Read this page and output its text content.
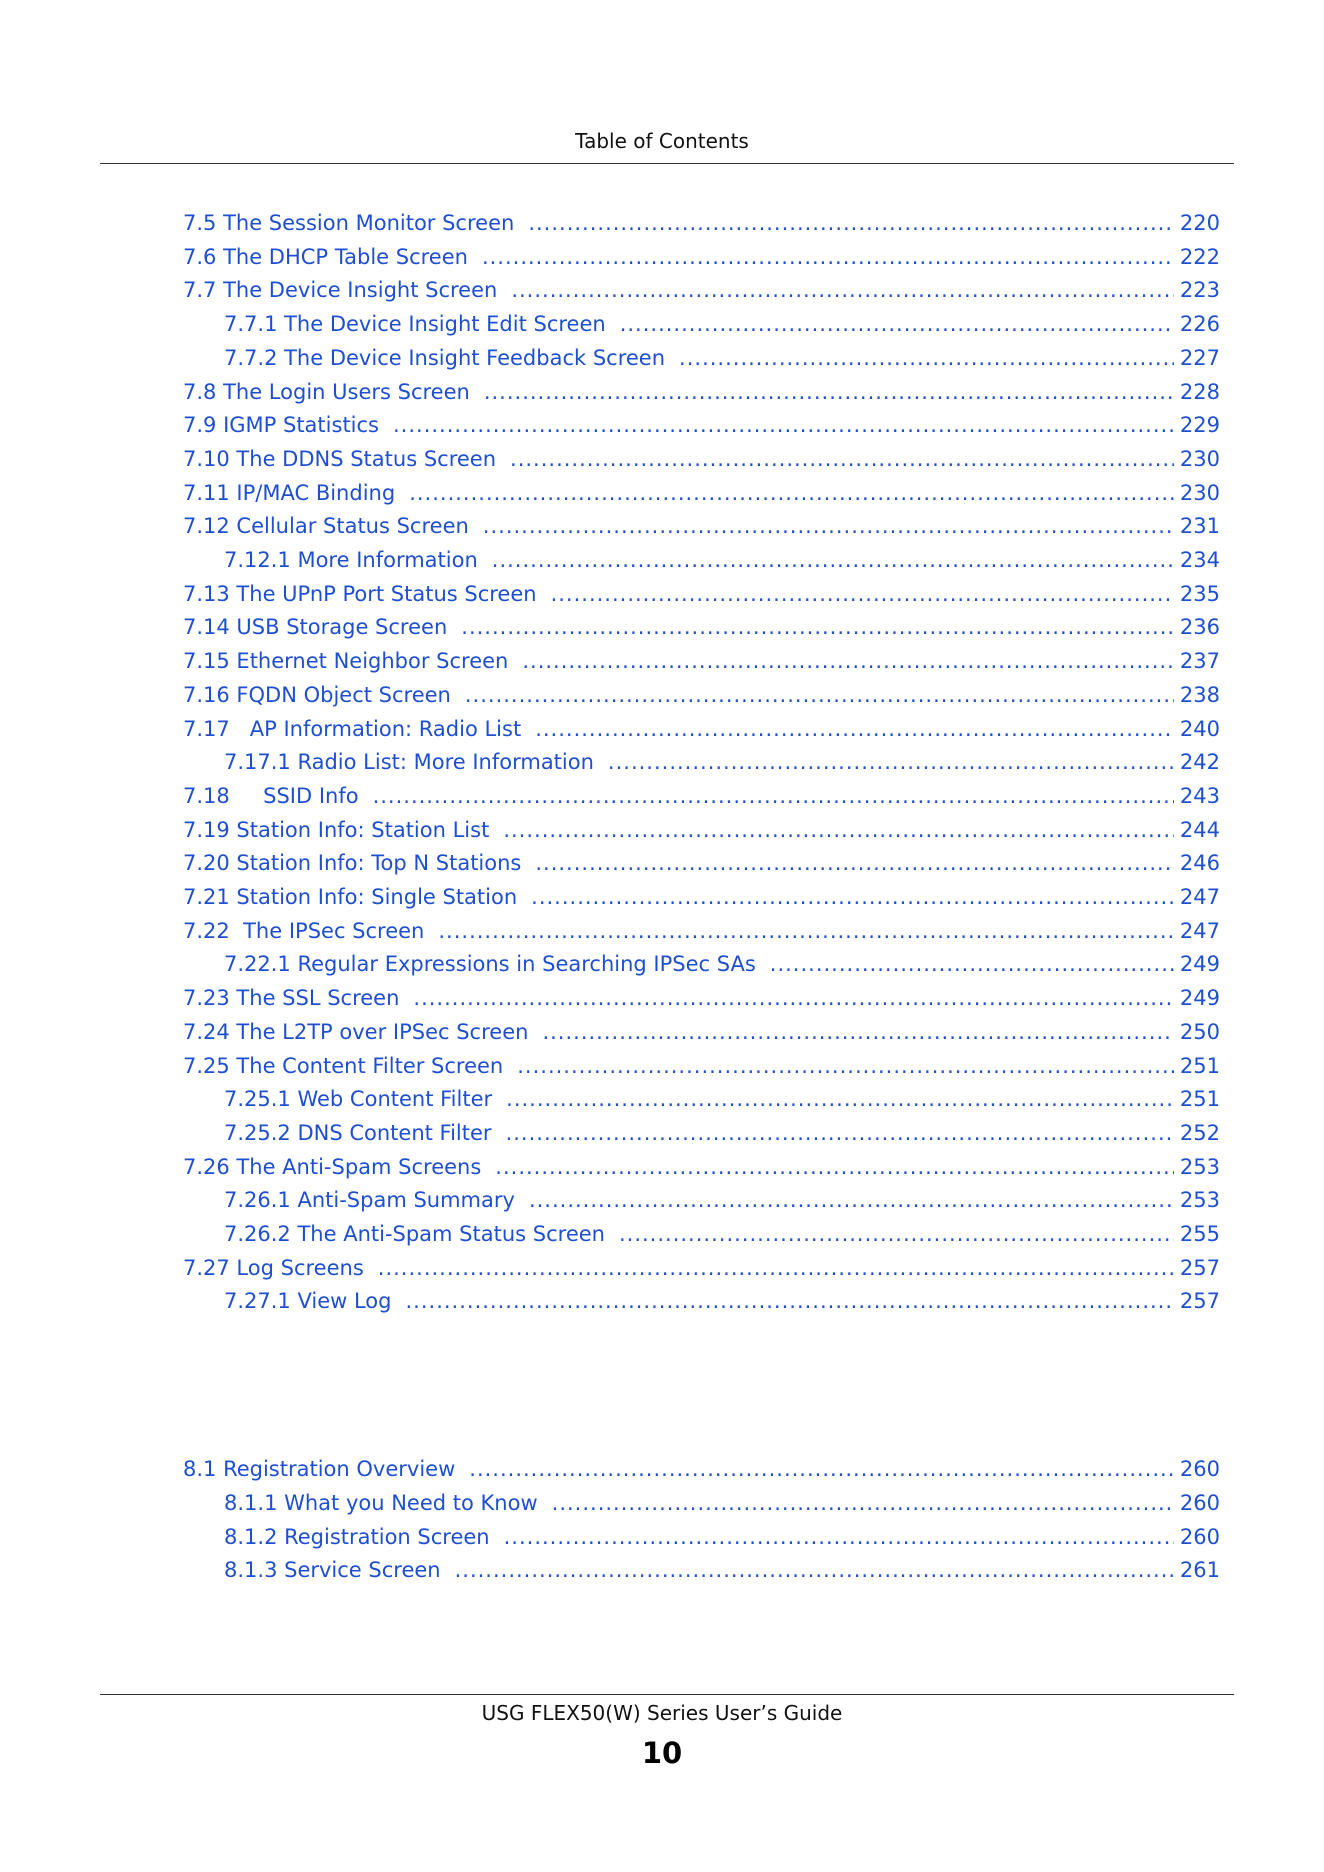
Table of Contents
7.5 The Session Monitor Screen .....	220
7.6 The DHCP Table Screen .....	222
7.7 The Device Insight Screen .....	223
7.7.1 The Device Insight Edit Screen .....	226
7.7.2 The Device Insight Feedback Screen .....	227
7.8 The Login Users Screen .....	228
7.9 IGMP Statistics .....	229
7.10 The DDNS Status Screen .....	230
7.11 IP/MAC Binding .....	230
7.12 Cellular Status Screen .....	231
7.12.1 More Information .....	234
7.13 The UPnP Port Status Screen .....	235
7.14 USB Storage Screen .....	236
7.15 Ethernet Neighbor Screen .....	237
7.16 FQDN Object Screen .....	238
7.17   AP Information: Radio List .....	240
7.17.1 Radio List: More Information .....	242
7.18     SSID Info .....	243
7.19 Station Info: Station List .....	244
7.20 Station Info: Top N Stations .....	246
7.21 Station Info: Single Station .....	247
7.22  The IPSec Screen .....	247
7.22.1 Regular Expressions in Searching IPSec SAs .....	249
7.23 The SSL Screen .....	249
7.24 The L2TP over IPSec Screen .....	250
7.25 The Content Filter Screen .....	251
7.25.1 Web Content Filter .....	251
7.25.2 DNS Content Filter .....	252
7.26 The Anti-Spam Screens .....	253
7.26.1 Anti-Spam Summary .....	253
7.26.2 The Anti-Spam Status Screen .....	255
7.27 Log Screens .....	257
7.27.1 View Log .....	257
8.1 Registration Overview .....	260
8.1.1 What you Need to Know .....	260
8.1.2 Registration Screen .....	260
8.1.3 Service Screen .....	261
USG FLEX50(W) Series User’s Guide
10
